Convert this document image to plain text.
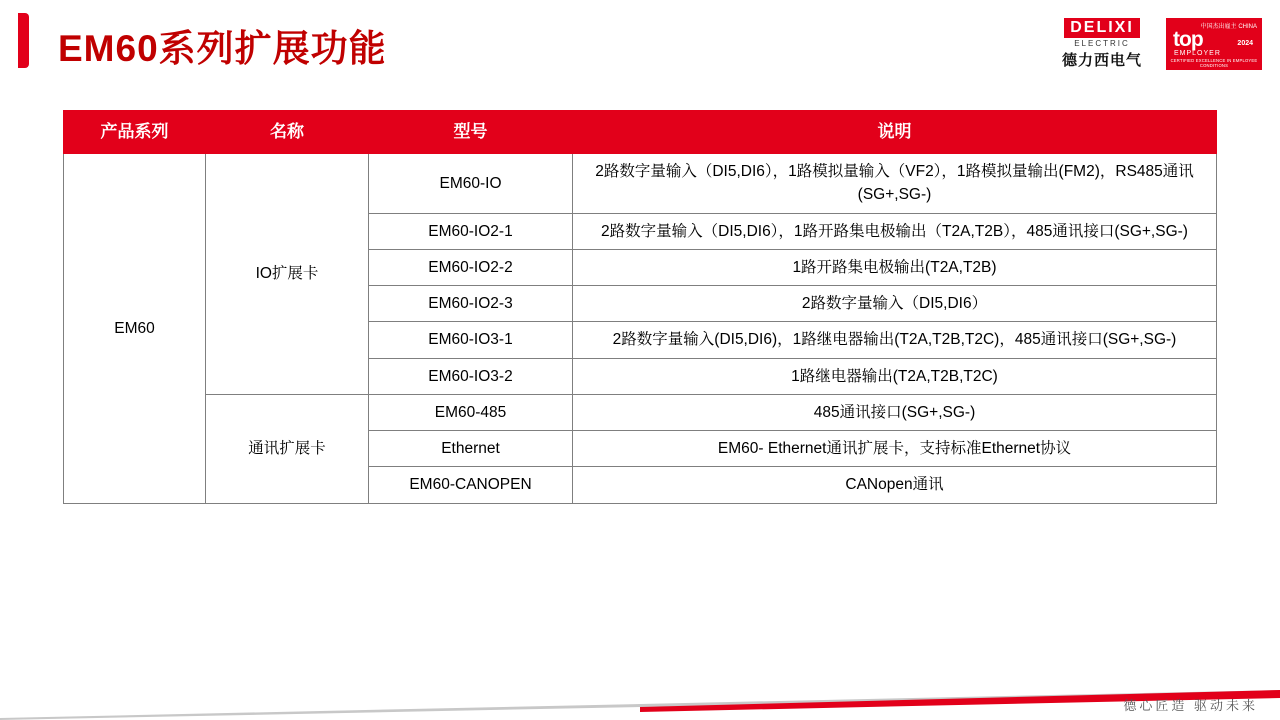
EM60系列扩展功能
DELIXI
ELECTRIC
德力西电气
top
EMPLOYER
中国杰出雇主 CHINA
2024
CERTIFIED EXCELLENCE IN EMPLOYEE CONDITIONS
产品系列	名称	型号	说明
EM60	IO扩展卡	EM60-IO	2路数字量输入（DI5,DI6），1路模拟量输入（VF2），1路模拟量输出(FM2)，RS485通讯(SG+,SG-)
		EM60-IO2-1	2路数字量输入（DI5,DI6），1路开路集电极输出（T2A,T2B），485通讯接口(SG+,SG-)
		EM60-IO2-2	1路开路集电极输出(T2A,T2B)
		EM60-IO2-3	2路数字量输入（DI5,DI6）
		EM60-IO3-1	2路数字量输入(DI5,DI6)，1路继电器输出(T2A,T2B,T2C)，485通讯接口(SG+,SG-)
		EM60-IO3-2	1路继电器输出(T2A,T2B,T2C)
	通讯扩展卡	EM60-485	485通讯接口(SG+,SG-)
		Ethernet	EM60- Ethernet通讯扩展卡，支持标准Ethernet协议
		EM60-CANOPEN	CANopen通讯
德心匠造 驱动未来
